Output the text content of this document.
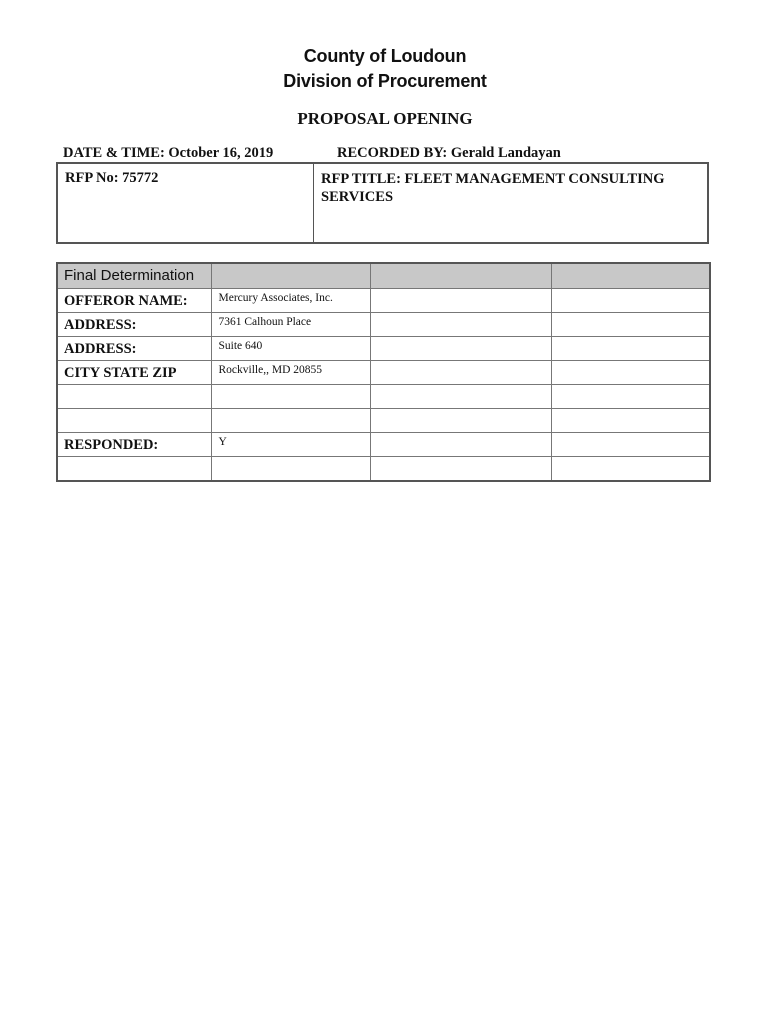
County of Loudoun
Division of Procurement
PROPOSAL OPENING
DATE & TIME: October 16, 2019	RECORDED BY: Gerald Landayan
RFP No: 75772	RFP TITLE: FLEET MANAGEMENT CONSULTING SERVICES
Final Determination			

OFFEROR NAME:	Mercury Associates, Inc.		

ADDRESS:	7361 Calhoun Place		

ADDRESS:	Suite 640		

CITY STATE ZIP	Rockville,, MD 20855		

RESPONDED:	Y		
